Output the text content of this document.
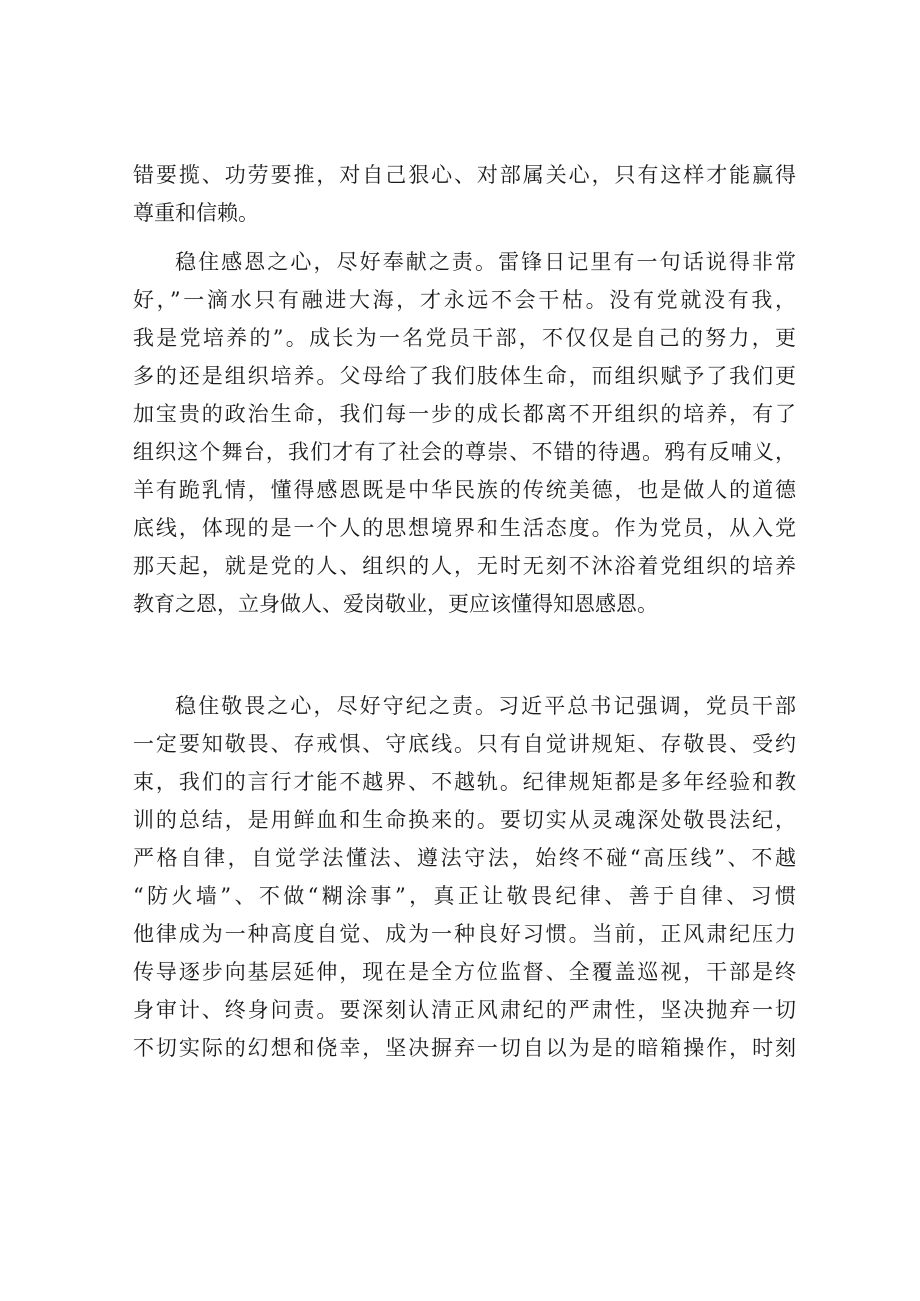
错要揽、功劳要推，对自己狠心、对部属关心，只有这样才能赢得
尊重和信赖。
稳住感恩之心，尽好奉献之责。雷锋日记里有一句话说得非常
好，”一滴水只有融进大海，才永远不会干枯。没有党就没有我，
我是党培养的”。成长为一名党员干部，不仅仅是自己的努力，更
多的还是组织培养。父母给了我们肢体生命，而组织赋予了我们更
加宝贵的政治生命，我们每一步的成长都离不开组织的培养，有了
组织这个舞台，我们才有了社会的尊崇、不错的待遇。鸦有反哺义，
羊有跪乳情，懂得感恩既是中华民族的传统美德，也是做人的道德
底线，体现的是一个人的思想境界和生活态度。作为党员，从入党
那天起，就是党的人、组织的人，无时无刻不沐浴着党组织的培养
教育之恩，立身做人、爱岗敬业，更应该懂得知恩感恩。
稳住敬畏之心，尽好守纪之责。习近平总书记强调，党员干部
一定要知敬畏、存戒惧、守底线。只有自觉讲规矩、存敬畏、受约
束，我们的言行才能不越界、不越轨。纪律规矩都是多年经验和教
训的总结，是用鲜血和生命换来的。要切实从灵魂深处敬畏法纪，
严格自律，自觉学法懂法、遵法守法，始终不碰“高压线”、不越
“防火墙”、不做“糊涂事”，真正让敬畏纪律、善于自律、习惯
他律成为一种高度自觉、成为一种良好习惯。当前，正风肃纪压力
传导逐步向基层延伸，现在是全方位监督、全覆盖巡视，干部是终
身审计、终身问责。要深刻认清正风肃纪的严肃性，坚决抛弃一切
不切实际的幻想和侥幸，坚决摒弃一切自以为是的暗箱操作，时刻
